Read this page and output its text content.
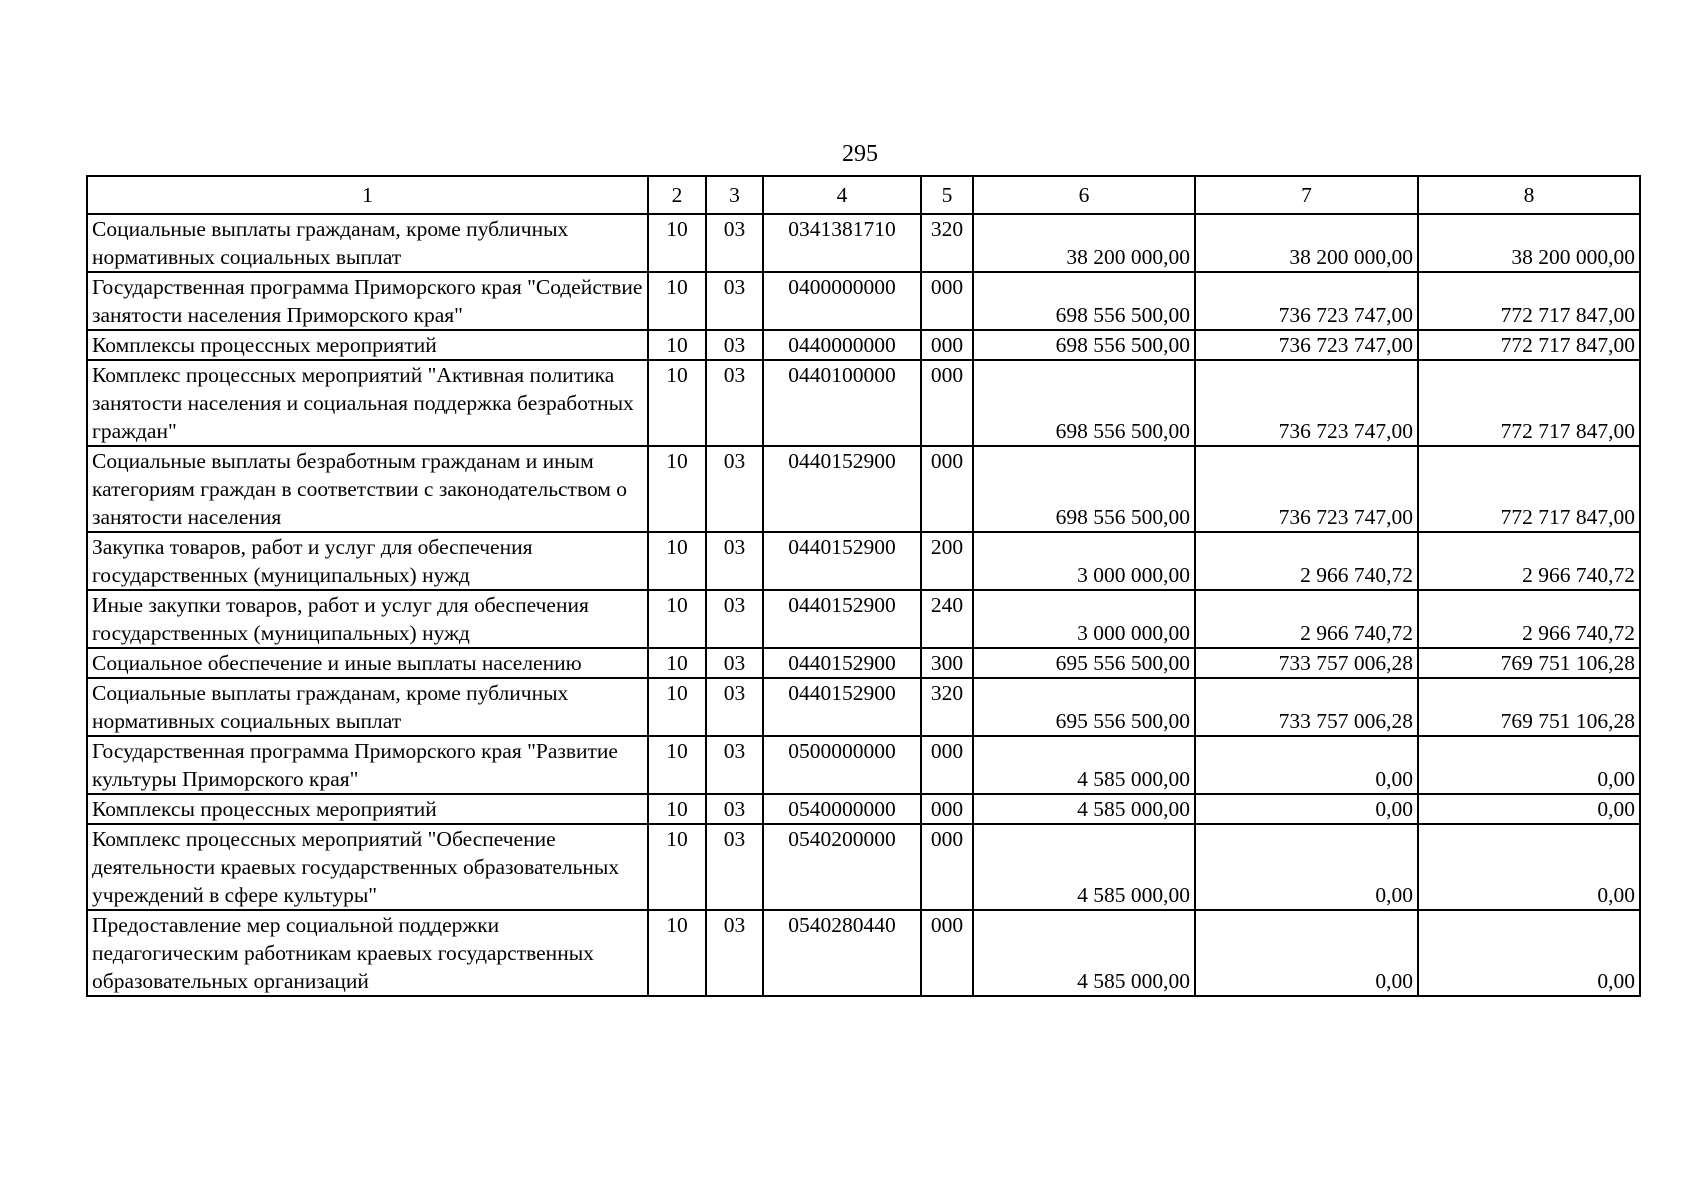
295
1	2	3	4	5	6	7	8
Социальные выплаты гражданам, кроме публичных нормативных социальных выплат	10	03	0341381710	320	38 200 000,00	38 200 000,00	38 200 000,00
Государственная программа Приморского края "Содействие занятости населения Приморского края"	10	03	0400000000	000	698 556 500,00	736 723 747,00	772 717 847,00
Комплексы процессных мероприятий	10	03	0440000000	000	698 556 500,00	736 723 747,00	772 717 847,00
Комплекс процессных мероприятий "Активная политика занятости населения и социальная поддержка безработных граждан"	10	03	0440100000	000	698 556 500,00	736 723 747,00	772 717 847,00
Социальные выплаты безработным гражданам и иным категориям граждан в соответствии с законодательством о занятости населения	10	03	0440152900	000	698 556 500,00	736 723 747,00	772 717 847,00
Закупка товаров, работ и услуг для обеспечения государственных (муниципальных) нужд	10	03	0440152900	200	3 000 000,00	2 966 740,72	2 966 740,72
Иные закупки товаров, работ и услуг для обеспечения государственных (муниципальных) нужд	10	03	0440152900	240	3 000 000,00	2 966 740,72	2 966 740,72
Социальное обеспечение и иные выплаты населению	10	03	0440152900	300	695 556 500,00	733 757 006,28	769 751 106,28
Социальные выплаты гражданам, кроме публичных нормативных социальных выплат	10	03	0440152900	320	695 556 500,00	733 757 006,28	769 751 106,28
Государственная программа Приморского края "Развитие культуры Приморского края"	10	03	0500000000	000	4 585 000,00	0,00	0,00
Комплексы процессных мероприятий	10	03	0540000000	000	4 585 000,00	0,00	0,00
Комплекс процессных мероприятий "Обеспечение деятельности краевых государственных образовательных учреждений в сфере культуры"	10	03	0540200000	000	4 585 000,00	0,00	0,00
Предоставление мер социальной поддержки педагогическим работникам краевых государственных образовательных организаций	10	03	0540280440	000	4 585 000,00	0,00	0,00
